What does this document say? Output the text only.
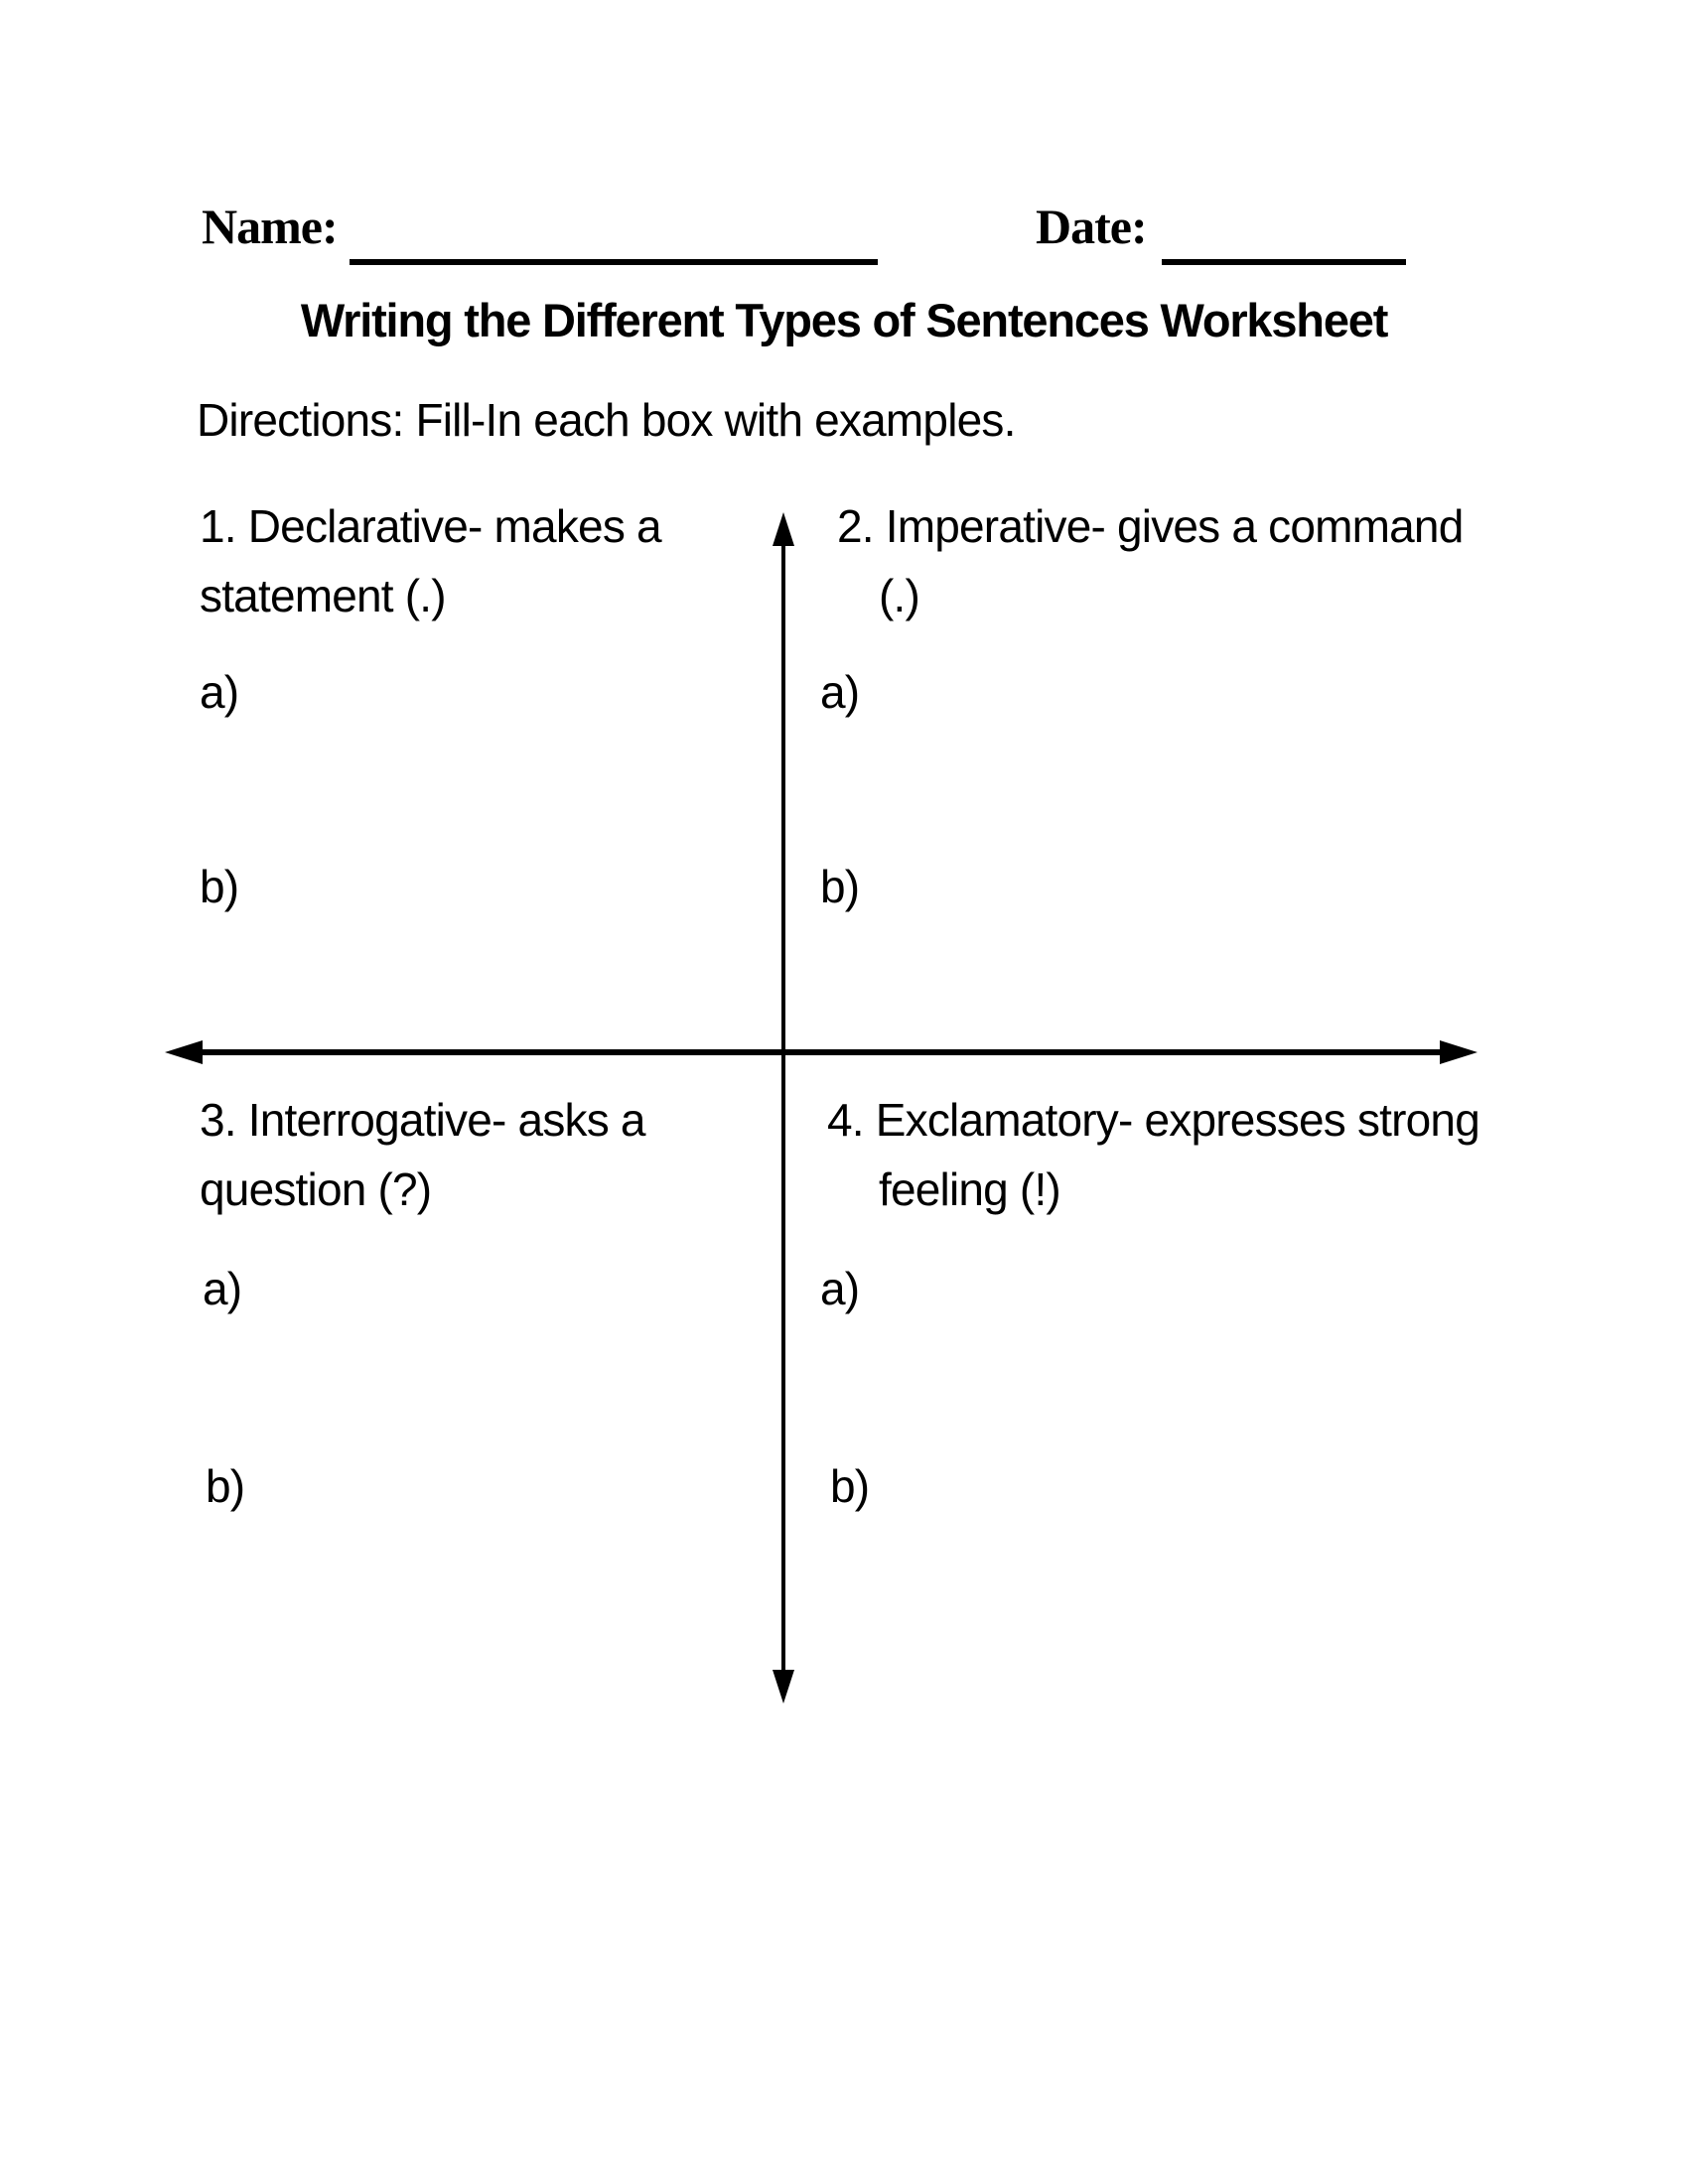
Name:	Date:
Writing the Different Types of Sentences Worksheet
Directions: Fill-In each box with examples.
1. Declarative- makes a
statement (.)
a)
b)
2. Imperative- gives a command
(.)
a)
b)
3. Interrogative- asks a
question (?)
a)
b)
4. Exclamatory- expresses strong
feeling (!)
a)
b)
